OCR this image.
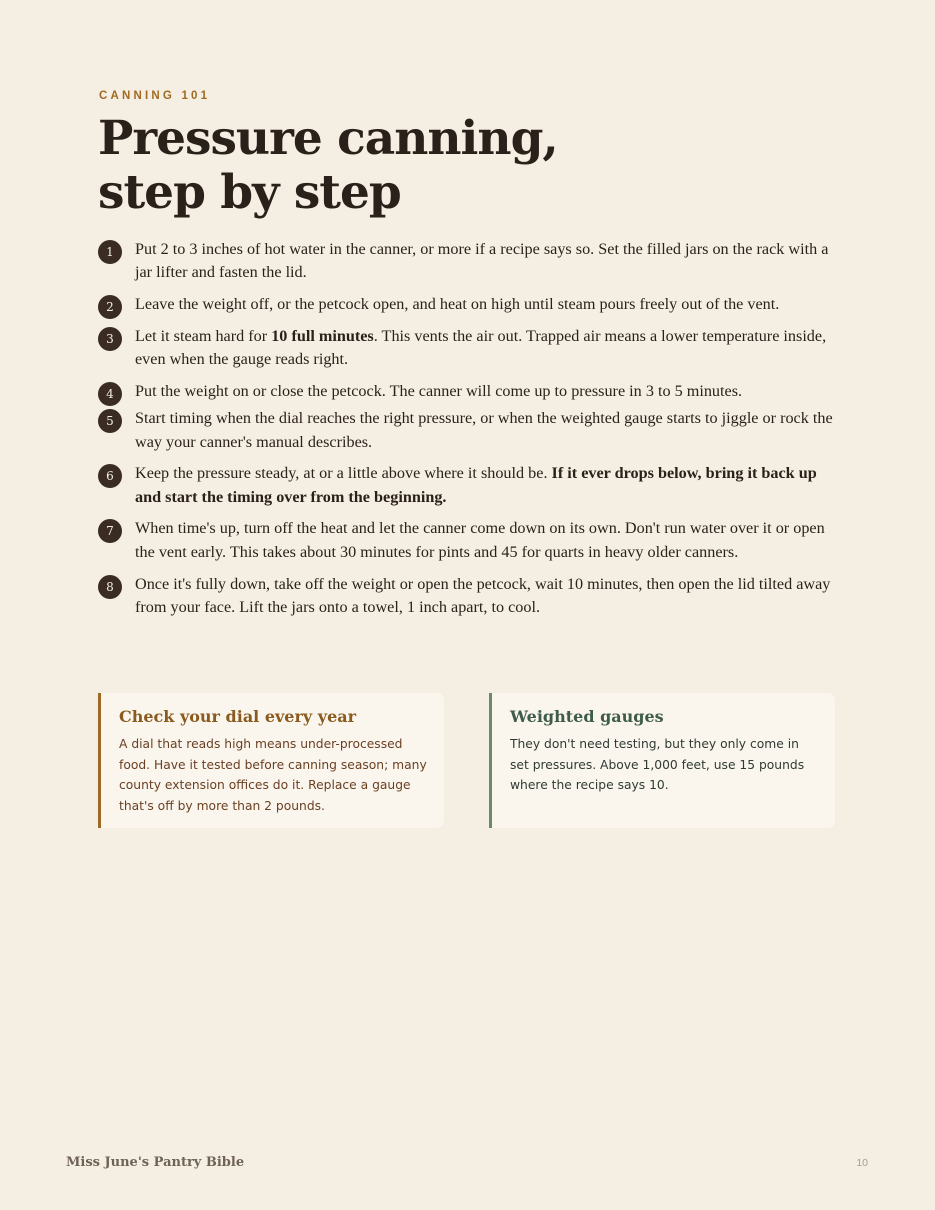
CANNING 101
Pressure canning,
step by step
1	Put 2 to 3 inches of hot water in the canner, or more if a recipe says so. Set the filled jars on the rack with a jar lifter and fasten the lid.
2	Leave the weight off, or the petcock open, and heat on high until steam pours freely out of the vent.
3	Let it steam hard for 10 full minutes. This vents the air out. Trapped air means a lower temperature inside, even when the gauge reads right.
4	Put the weight on or close the petcock. The canner will come up to pressure in 3 to 5 minutes.
5	Start timing when the dial reaches the right pressure, or when the weighted gauge starts to jiggle or rock the way your canner's manual describes.
6	Keep the pressure steady, at or a little above where it should be. If it ever drops below, bring it back up and start the timing over from the beginning.
7	When time's up, turn off the heat and let the canner come down on its own. Don't run water over it or open the vent early. This takes about 30 minutes for pints and 45 for quarts in heavy older canners.
8	Once it's fully down, take off the weight or open the petcock, wait 10 minutes, then open the lid tilted away from your face. Lift the jars onto a towel, 1 inch apart, to cool.
Check your dial every year

A dial that reads high means under-processed food. Have it tested before canning season; many county extension offices do it. Replace a gauge that's off by more than 2 pounds.

Weighted gauges

They don't need testing, but they only come in set pressures. Above 1,000 feet, use 15 pounds where the recipe says 10.

Miss June's Pantry Bible	10
